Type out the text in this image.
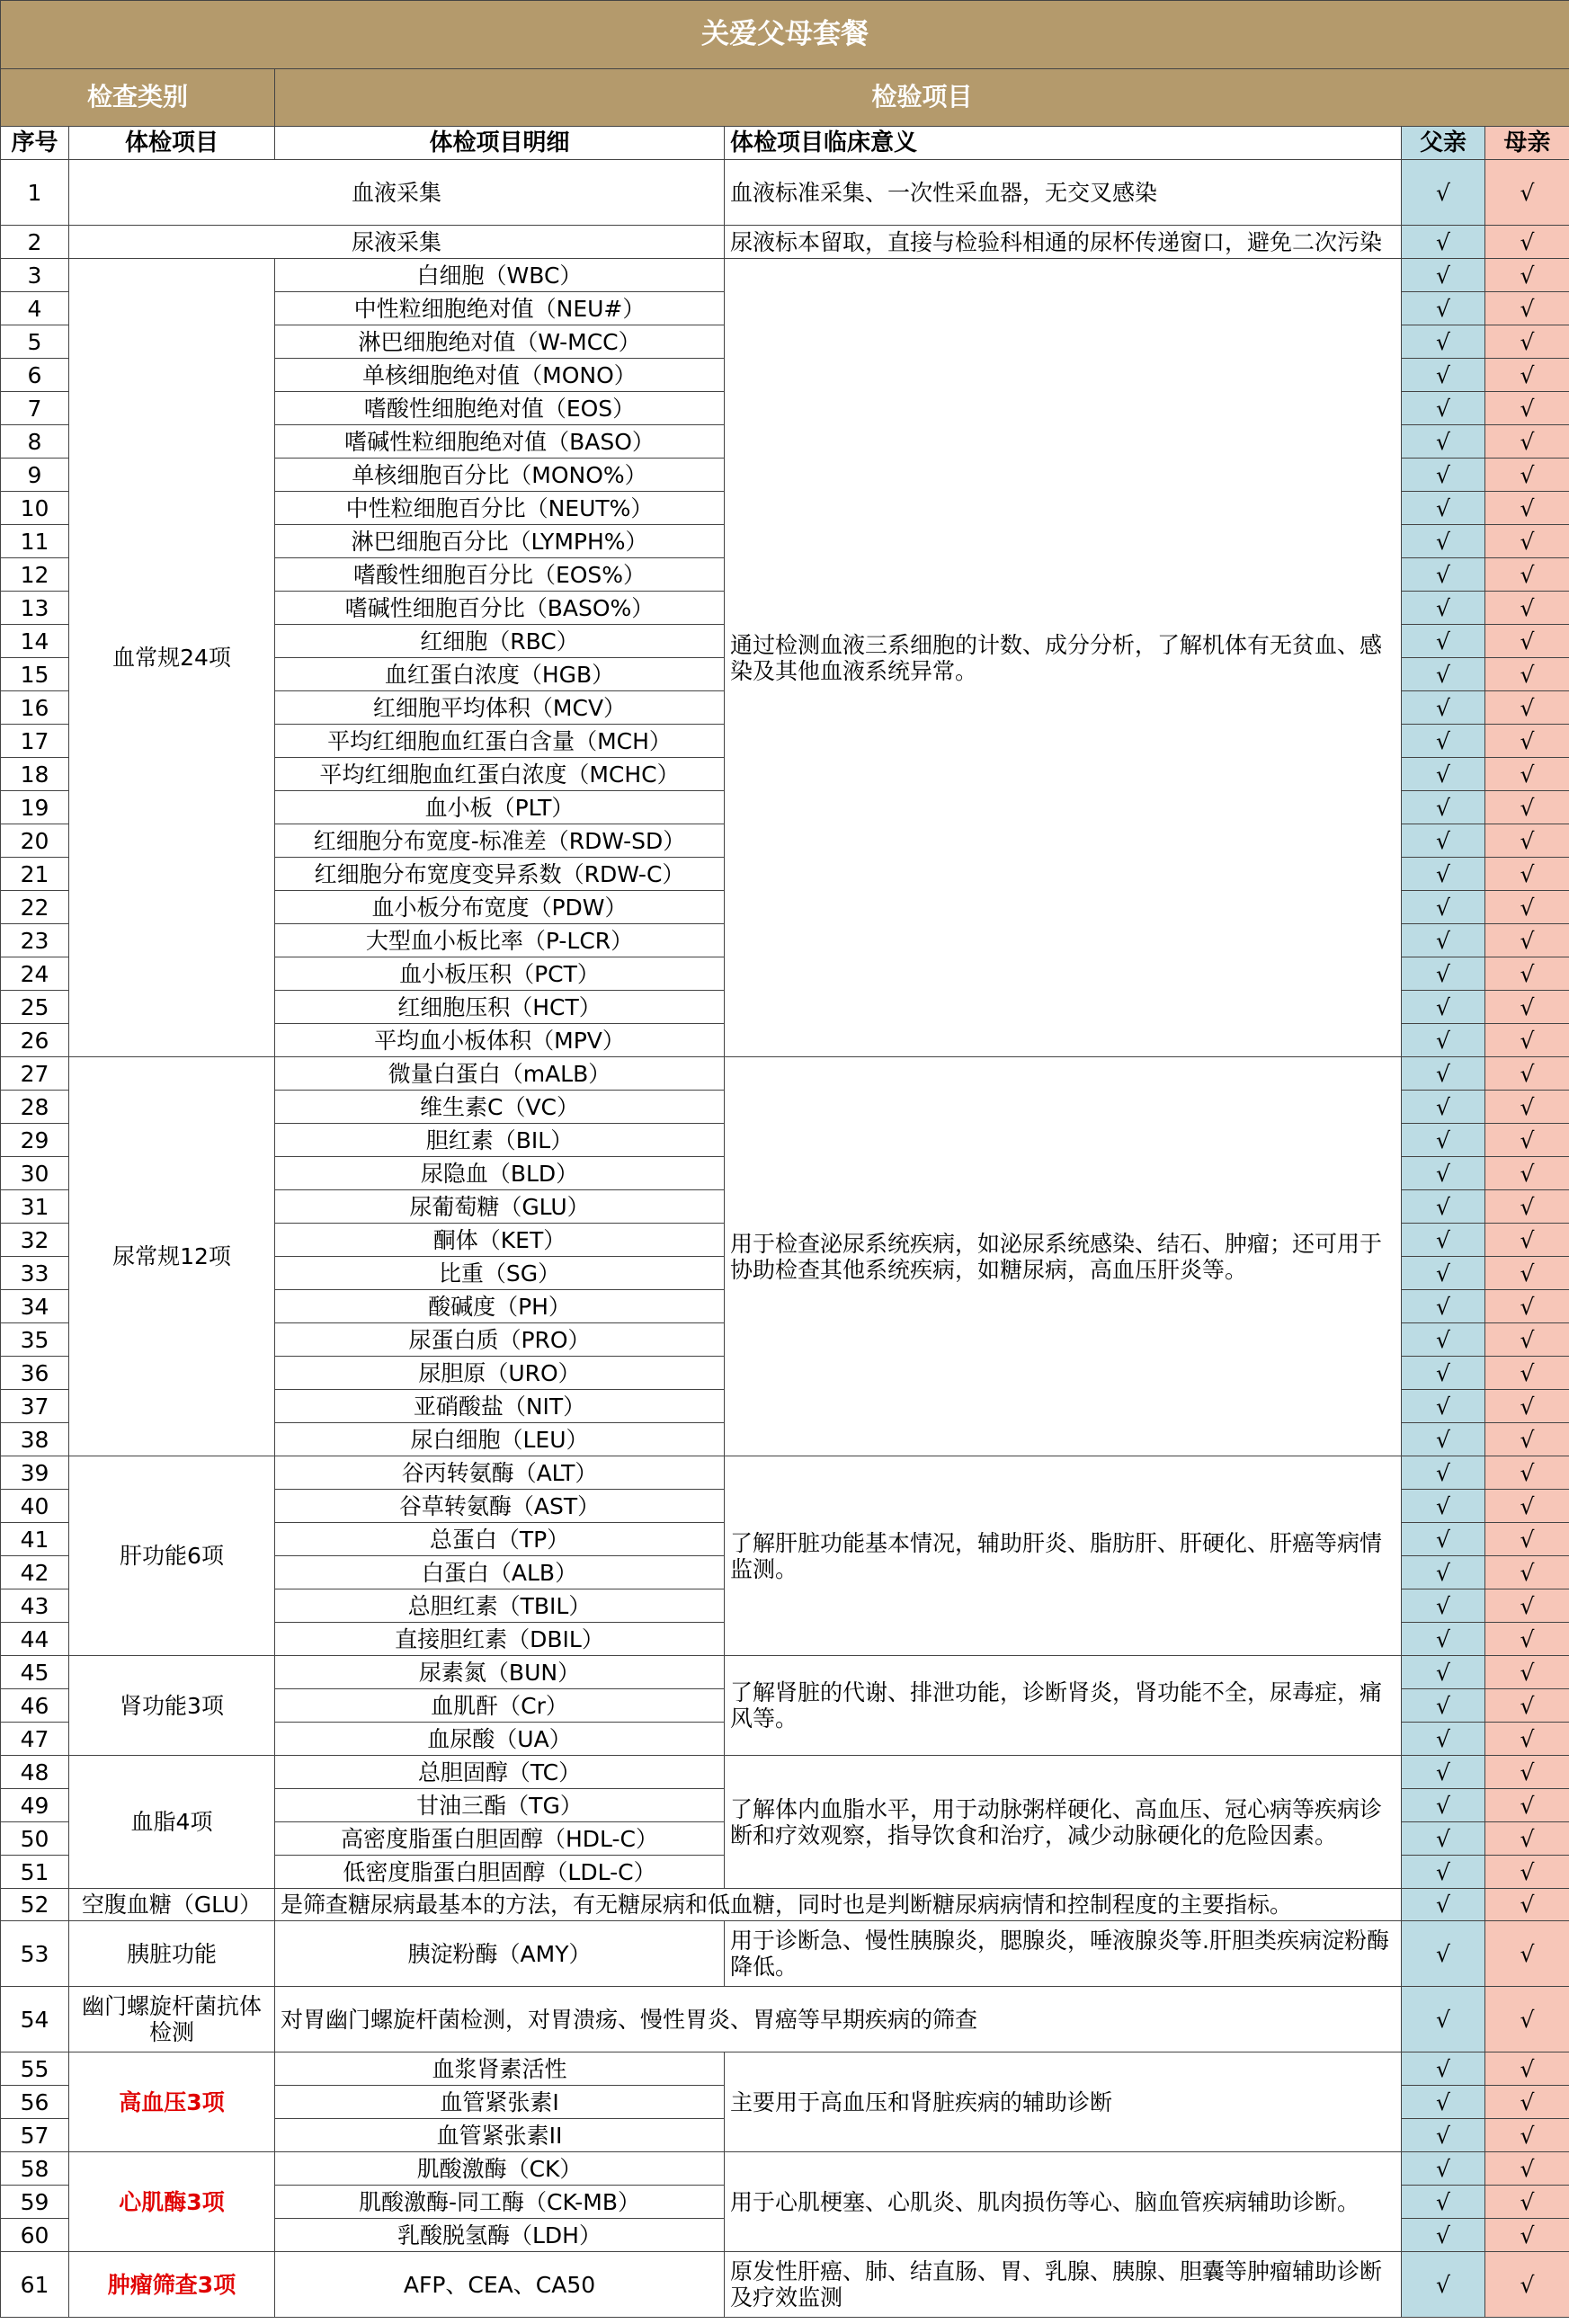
关爱父母套餐					
检查类别		检验项目			
序号	体检项目	体检项目明细	体检项目临床意义	父亲	母亲
1	血液采集		血液标准采集、一次性采血器，无交叉感染	√	√
2	尿液采集		尿液标本留取，直接与检验科相通的尿杯传递窗口，避免二次污染	√	√
3	血常规24项	白细胞（WBC）	通过检测血液三系细胞的计数、成分分析，了解机体有无贫血、感染及其他血液系统异常。	√	√
4		中性粒细胞绝对值（NEU#）		√	√
5		淋巴细胞绝对值（W-MCC）		√	√
6		单核细胞绝对值（MONO）		√	√
7		嗜酸性细胞绝对值（EOS）		√	√
8		嗜碱性粒细胞绝对值（BASO）		√	√
9		单核细胞百分比（MONO%）		√	√
10		中性粒细胞百分比（NEUT%）		√	√
11		淋巴细胞百分比（LYMPH%）		√	√
12		嗜酸性细胞百分比（EOS%）		√	√
13		嗜碱性细胞百分比（BASO%）		√	√
14		红细胞（RBC）		√	√
15		血红蛋白浓度（HGB）		√	√
16		红细胞平均体积（MCV）		√	√
17		平均红细胞血红蛋白含量（MCH）		√	√
18		平均红细胞血红蛋白浓度（MCHC）		√	√
19		血小板（PLT）		√	√
20		红细胞分布宽度-标准差（RDW-SD）		√	√
21		红细胞分布宽度变异系数（RDW-C）		√	√
22		血小板分布宽度（PDW）		√	√
23		大型血小板比率（P-LCR）		√	√
24		血小板压积（PCT）		√	√
25		红细胞压积（HCT）		√	√
26		平均血小板体积（MPV）		√	√
27	尿常规12项	微量白蛋白（mALB）	用于检查泌尿系统疾病，如泌尿系统感染、结石、肿瘤；还可用于协助检查其他系统疾病，如糖尿病，高血压肝炎等。	√	√
28		维生素C（VC）		√	√
29		胆红素（BIL）		√	√
30		尿隐血（BLD）		√	√
31		尿葡萄糖（GLU）		√	√
32		酮体（KET）		√	√
33		比重（SG）		√	√
34		酸碱度（PH）		√	√
35		尿蛋白质（PRO）		√	√
36		尿胆原（URO）		√	√
37		亚硝酸盐（NIT）		√	√
38		尿白细胞（LEU）		√	√
39	肝功能6项	谷丙转氨酶（ALT）	了解肝脏功能基本情况，辅助肝炎、脂肪肝、肝硬化、肝癌等病情监测。	√	√
40		谷草转氨酶（AST）		√	√
41		总蛋白（TP）		√	√
42		白蛋白（ALB）		√	√
43		总胆红素（TBIL）		√	√
44		直接胆红素（DBIL）		√	√
45	肾功能3项	尿素氮（BUN）	了解肾脏的代谢、排泄功能，诊断肾炎，肾功能不全，尿毒症，痛风等。	√	√
46		血肌酐（Cr）		√	√
47		血尿酸（UA）		√	√
48	血脂4项	总胆固醇（TC）	了解体内血脂水平，用于动脉粥样硬化、高血压、冠心病等疾病诊断和疗效观察，指导饮食和治疗，减少动脉硬化的危险因素。	√	√
49		甘油三酯（TG）		√	√
50		高密度脂蛋白胆固醇（HDL-C）		√	√
51		低密度脂蛋白胆固醇（LDL-C）		√	√
52	空腹血糖（GLU）	是筛查糖尿病最基本的方法，有无糖尿病和低血糖，同时也是判断糖尿病病情和控制程度的主要指标。		√	√
53	胰脏功能	胰淀粉酶（AMY）	用于诊断急、慢性胰腺炎，腮腺炎，唾液腺炎等.肝胆类疾病淀粉酶降低。	√	√
54	幽门螺旋杆菌抗体检测	对胃幽门螺旋杆菌检测，对胃溃疡、慢性胃炎、胃癌等早期疾病的筛查		√	√
55	高血压3项	血浆肾素活性	主要用于高血压和肾脏疾病的辅助诊断	√	√
56		血管紧张素I		√	√
57		血管紧张素II		√	√
58	心肌酶3项	肌酸激酶（CK）	用于心肌梗塞、心肌炎、肌肉损伤等心、脑血管疾病辅助诊断。	√	√
59		肌酸激酶-同工酶（CK-MB）		√	√
60		乳酸脱氢酶（LDH）		√	√
61	肿瘤筛查3项	AFP、CEA、CA50	原发性肝癌、肺、结直肠、胃、乳腺、胰腺、胆囊等肿瘤辅助诊断及疗效监测	√	√
